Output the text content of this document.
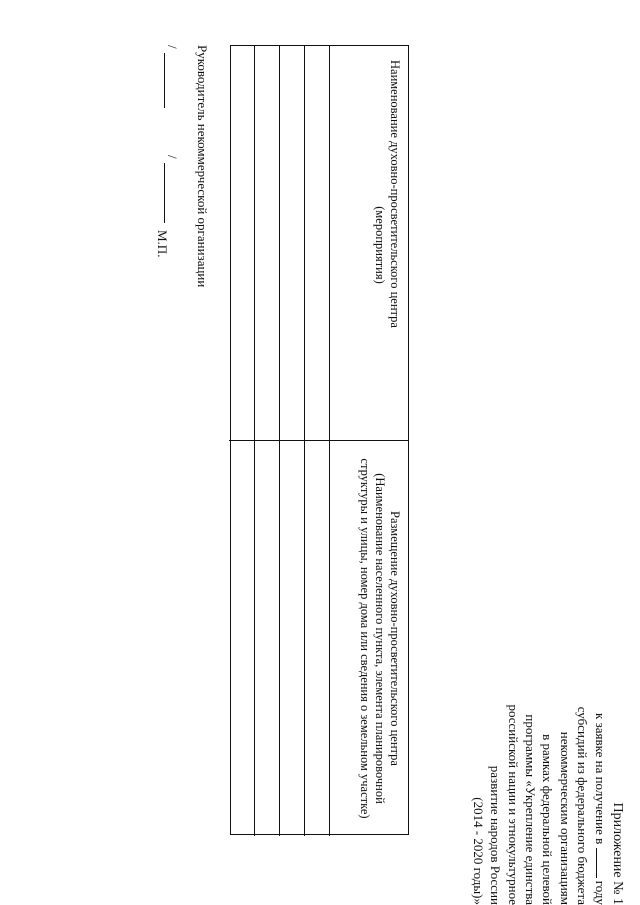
Приложение № 1
к заявке на получение в  году
субсидий из федерального бюджета
некоммерческим организациям
в рамках федеральной целевой
программы «Укрепление единства
российской нации и этнокультурное
развитие народов России
(2014 - 2020 годы)»
Наименование духовно-просветительского центра
(мероприятия)
Размещение духовно-просветительского центра
(Наименование населенного пункта, элемента планировочной структуры и улицы, номер дома или сведения о земельном участке)
Руководитель некоммерческой организации
/
/
М.П.
